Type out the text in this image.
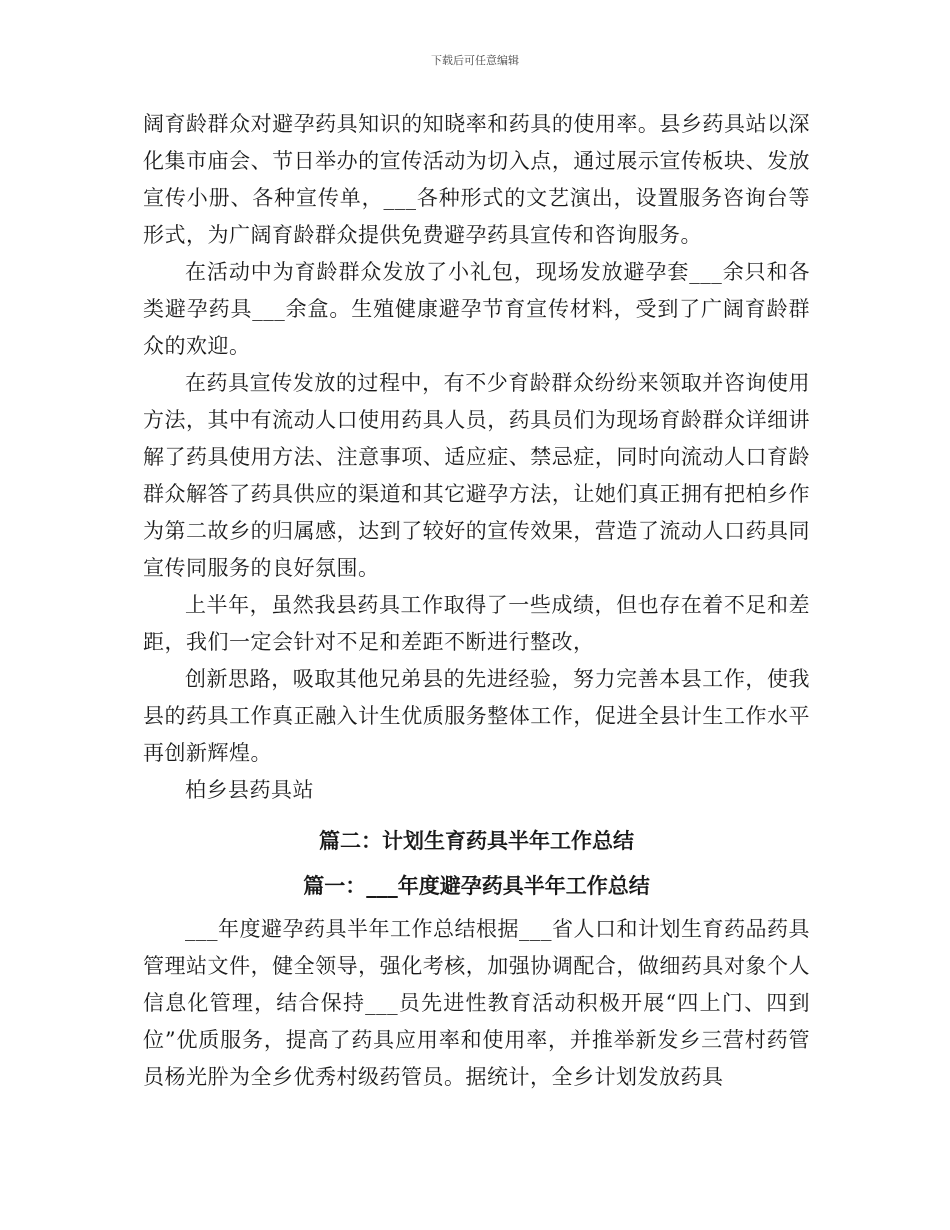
下载后可任意编辑

阔育龄群众对避孕药具知识的知晓率和药具的使用率。县乡药具站以深化集市庙会、节日举办的宣传活动为切入点，通过展示宣传板块、发放宣传小册、各种宣传单，___各种形式的文艺演出，设置服务咨询台等形式，为广阔育龄群众提供免费避孕药具宣传和咨询服务。

在活动中为育龄群众发放了小礼包，现场发放避孕套___余只和各类避孕药具___余盒。生殖健康避孕节育宣传材料，受到了广阔育龄群众的欢迎。

在药具宣传发放的过程中，有不少育龄群众纷纷来领取并咨询使用方法，其中有流动人口使用药具人员，药具员们为现场育龄群众详细讲解了药具使用方法、注意事项、适应症、禁忌症，同时向流动人口育龄群众解答了药具供应的渠道和其它避孕方法，让她们真正拥有把柏乡作为第二故乡的归属感，达到了较好的宣传效果，营造了流动人口药具同宣传同服务的良好氛围。

上半年，虽然我县药具工作取得了一些成绩，但也存在着不足和差距，我们一定会针对不足和差距不断进行整改，

创新思路，吸取其他兄弟县的先进经验，努力完善本县工作，使我县的药具工作真正融入计生优质服务整体工作，促进全县计生工作水平再创新辉煌。

柏乡县药具站

篇二：计划生育药具半年工作总结
篇一：___年度避孕药具半年工作总结

___年度避孕药具半年工作总结根据___省人口和计划生育药品药具管理站文件，健全领导，强化考核，加强协调配合，做细药具对象个人信息化管理，结合保持___员先进性教育活动积极开展“四上门、四到位”优质服务，提高了药具应用率和使用率，并推举新发乡三营村药管员杨光肸为全乡优秀村级药管员。据统计，全乡计划发放药具
